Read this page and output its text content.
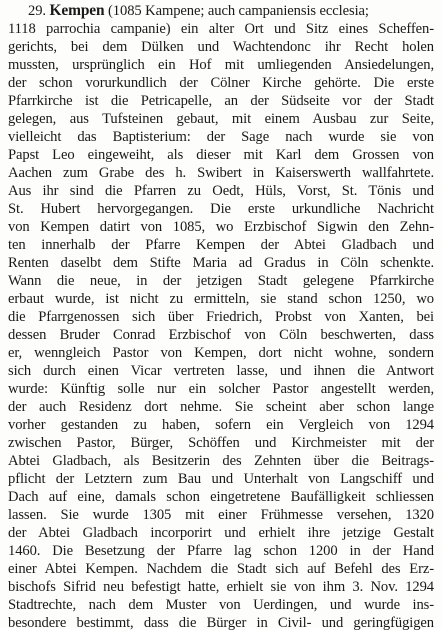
29. Kempen (1085 Kampene; auch campaniensis ecclesia;
1118 parrochia campanie) ein alter Ort und Sitz eines Scheffen-
gerichts, bei dem Dülken und Wachtendonc ihr Recht holen
mussten, ursprünglich ein Hof mit umliegenden Ansiedelungen,
der schon vorurkundlich der Cölner Kirche gehörte. Die erste
Pfarrkirche ist die Petricapelle, an der Südseite vor der Stadt
gelegen, aus Tufsteinen gebaut, mit einem Ausbau zur Seite,
vielleicht das Baptisterium: der Sage nach wurde sie von
Papst Leo eingeweiht, als dieser mit Karl dem Grossen von
Aachen zum Grabe des h. Swibert in Kaiserswerth wallfahrtete.
Aus ihr sind die Pfarren zu Oedt, Hüls, Vorst, St. Tönis und
St. Hubert hervorgegangen. Die erste urkundliche Nachricht
von Kempen datirt von 1085, wo Erzbischof Sigwin den Zehn-
ten innerhalb der Pfarre Kempen der Abtei Gladbach und
Renten daselbt dem Stifte Maria ad Gradus in Cöln schenkte.
Wann die neue, in der jetzigen Stadt gelegene Pfarrkirche
erbaut wurde, ist nicht zu ermitteln, sie stand schon 1250, wo
die Pfarrgenossen sich über Friedrich, Probst von Xanten, bei
dessen Bruder Conrad Erzbischof von Cöln beschwerten, dass
er, wenngleich Pastor von Kempen, dort nicht wohne, sondern
sich durch einen Vicar vertreten lasse, und ihnen die Antwort
wurde: Künftig solle nur ein solcher Pastor angestellt werden,
der auch Residenz dort nehme. Sie scheint aber schon lange
vorher gestanden zu haben, sofern ein Vergleich von 1294
zwischen Pastor, Bürger, Schöffen und Kirchmeister mit der
Abtei Gladbach, als Besitzerin des Zehnten über die Beitrags-
pflicht der Letztern zum Bau und Unterhalt von Langschiff und
Dach auf eine, damals schon eingetretene Baufälligkeit schliessen
lassen. Sie wurde 1305 mit einer Frühmesse versehen, 1320
der Abtei Gladbach incorporirt und erhielt ihre jetzige Gestalt
1460. Die Besetzung der Pfarre lag schon 1200 in der Hand
einer Abtei Kempen. Nachdem die Stadt sich auf Befehl des Erz-
bischofs Sifrid neu befestigt hatte, erhielt sie von ihm 3. Nov. 1294
Stadtrechte, nach dem Muster von Uerdingen, und wurde ins-
besondere bestimmt, dass die Bürger in Civil- und geringfügigen
